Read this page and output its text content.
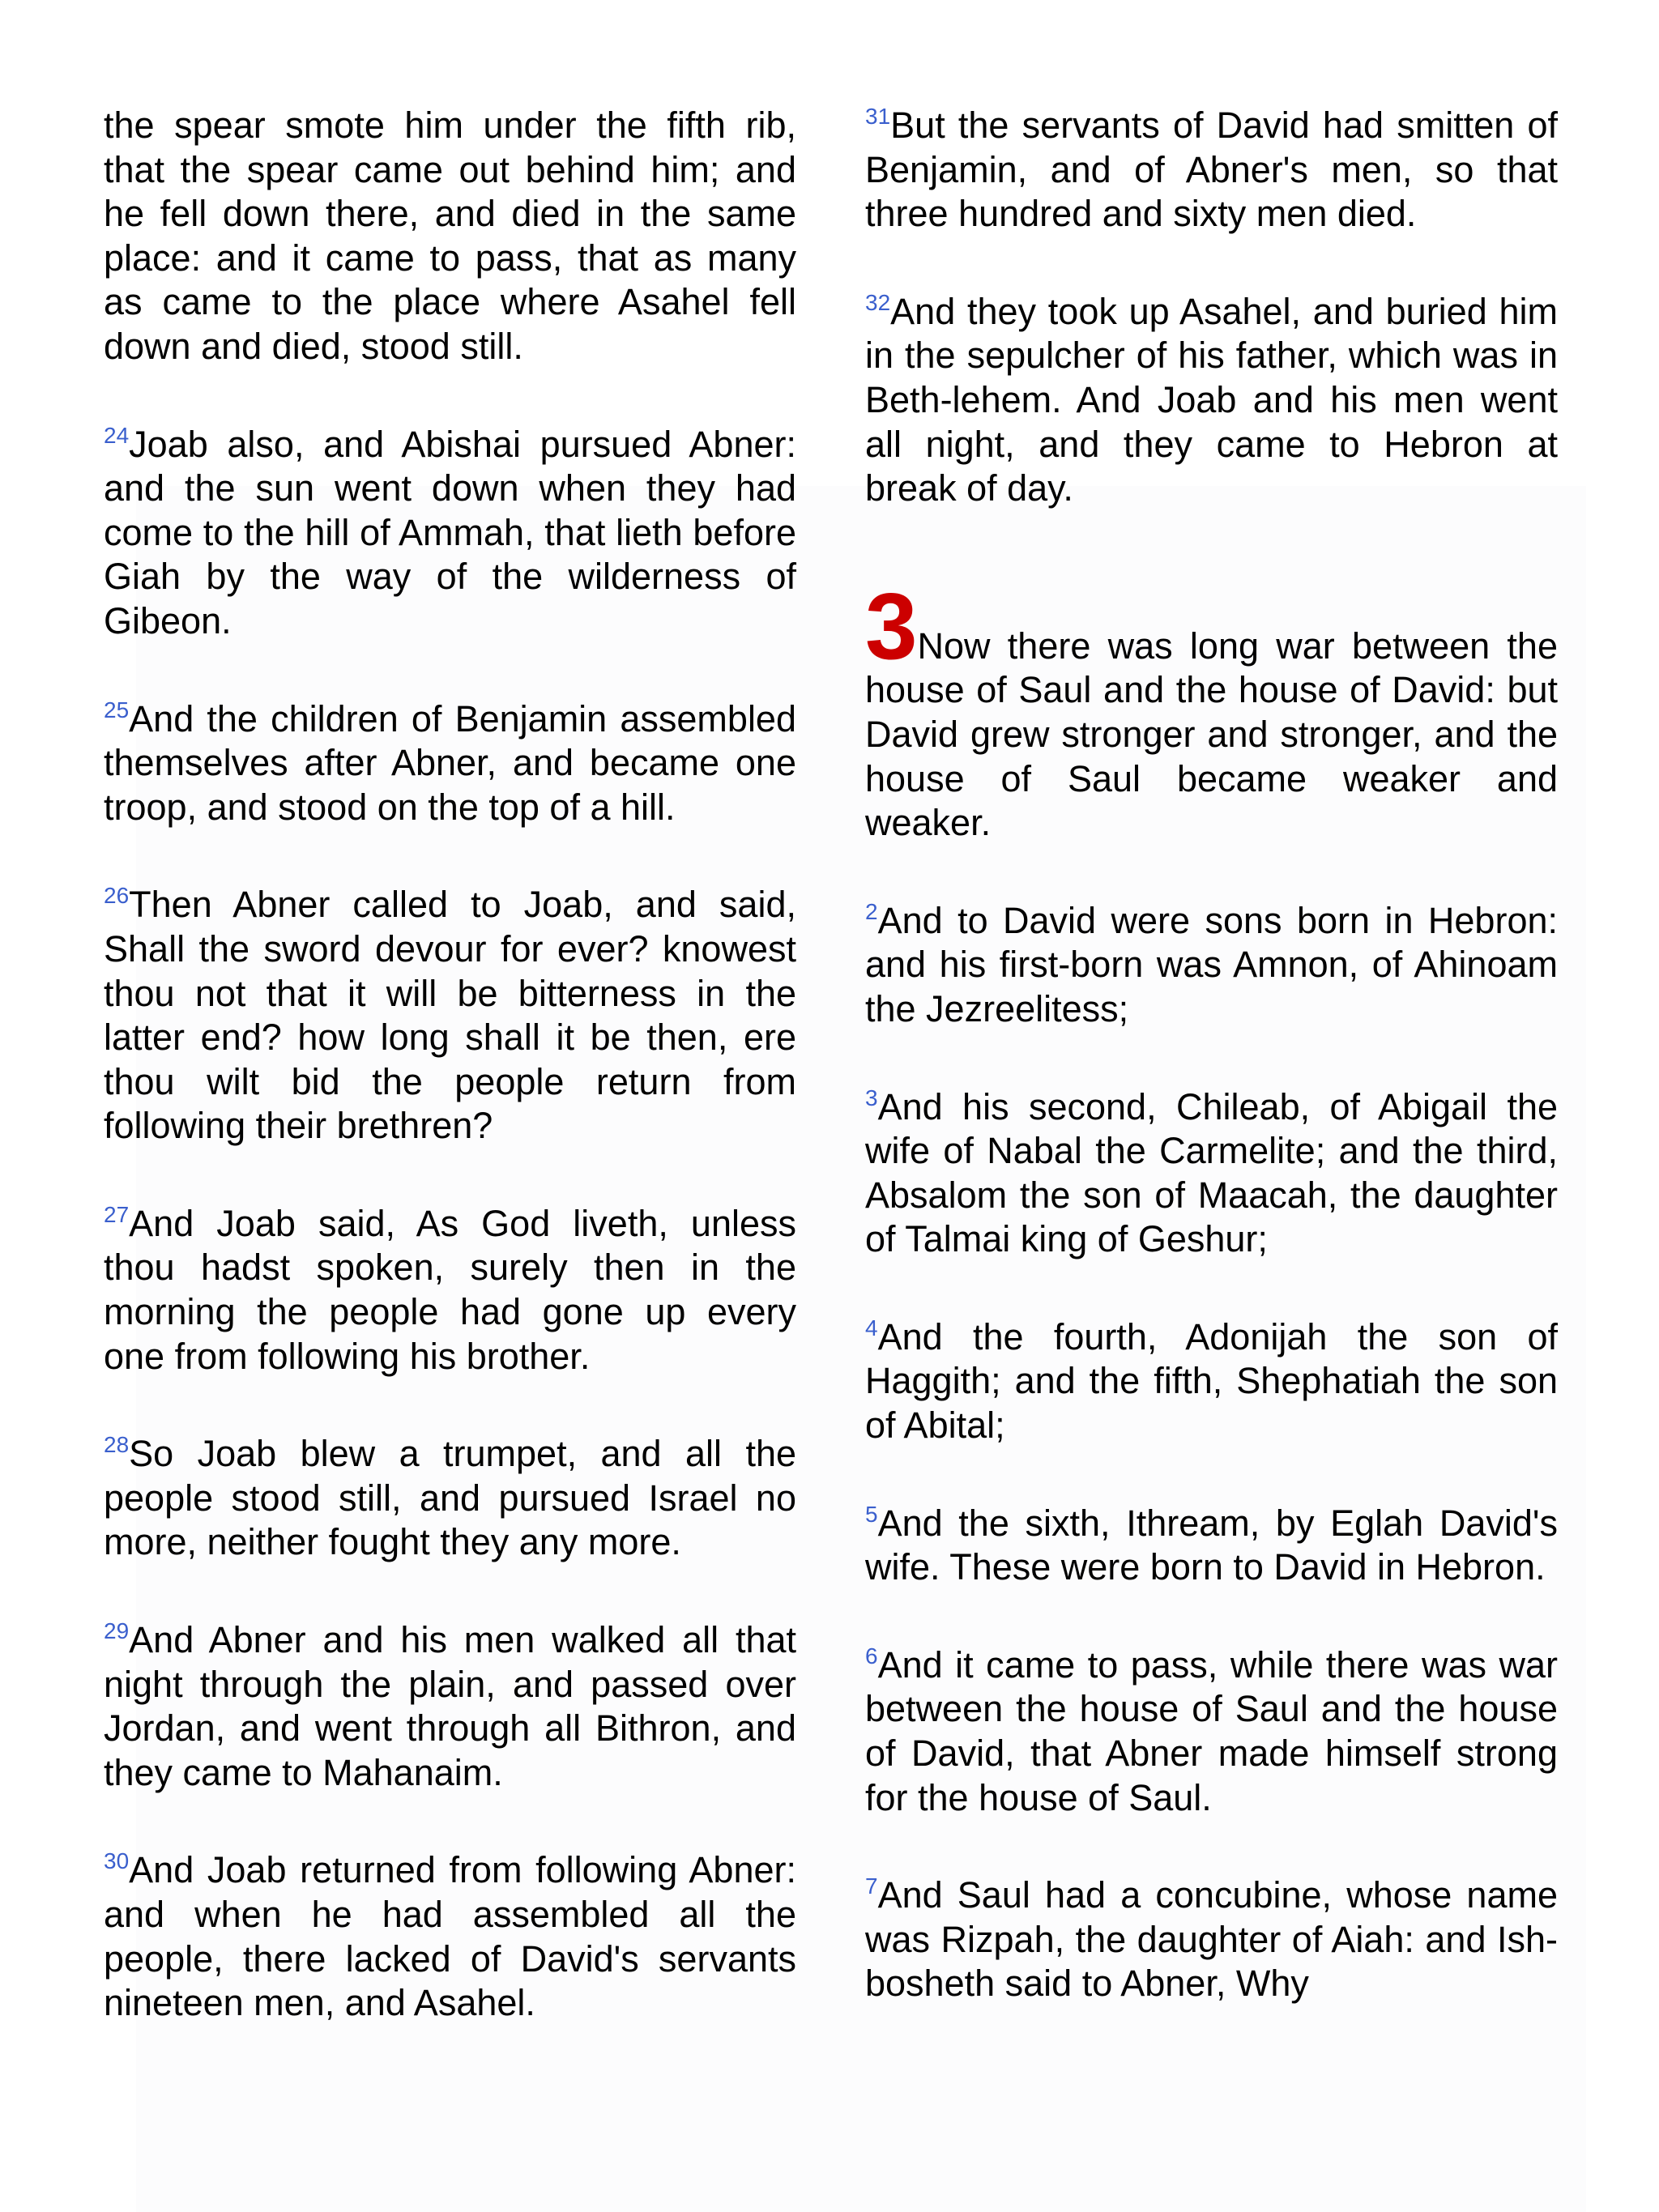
the spear smote him under the fifth rib, that the spear came out behind him; and he fell down there, and died in the same place: and it came to pass, that as many as came to the place where Asahel fell down and died, stood still.

$^{24}$Joab also, and Abishai pursued Abner: and the sun went down when they had come to the hill of Ammah, that lieth before Giah by the way of the wilderness of Gibeon.

$^{25}$And the children of Benjamin assembled themselves after Abner, and became one troop, and stood on the top of a hill.

$^{26}$Then Abner called to Joab, and said, Shall the sword devour for ever? knowest thou not that it will be bitterness in the latter end? how long shall it be then, ere thou wilt bid the people return from following their brethren?

$^{27}$And Joab said, As God liveth, unless thou hadst spoken, surely then in the morning the people had gone up every one from following his brother.

$^{28}$So Joab blew a trumpet, and all the people stood still, and pursued Israel no more, neither fought they any more.

$^{29}$And Abner and his men walked all that night through the plain, and passed over Jordan, and went through all Bithron, and they came to Mahanaim.

$^{30}$And Joab returned from following Abner: and when he had assembled all the people, there lacked of David's servants nineteen men, and Asahel.

$^{31}$But the servants of David had smitten of Benjamin, and of Abner's men, so that three hundred and sixty men died.

$^{32}$And they took up Asahel, and buried him in the sepulcher of his father, which was in Beth-lehem. And Joab and his men went all night, and they came to Hebron at break of day.

3Now there was long war between the house of Saul and the house of David: but David grew stronger and stronger, and the house of Saul became weaker and weaker.

$^2$And to David were sons born in Hebron: and his first-born was Amnon, of Ahinoam the Jezreelitess;

$^3$And his second, Chileab, of Abigail the wife of Nabal the Carmelite; and the third, Absalom the son of Maacah, the daughter of Talmai king of Geshur;

$^4$And the fourth, Adonijah the son of Haggith; and the fifth, Shephatiah the son of Abital;

$^5$And the sixth, Ithream, by Eglah David's wife. These were born to David in Hebron.

$^6$And it came to pass, while there was war between the house of Saul and the house of David, that Abner made himself strong for the house of Saul.

$^7$And Saul had a concubine, whose name was Rizpah, the daughter of Aiah: and Ish-bosheth said to Abner, Why
